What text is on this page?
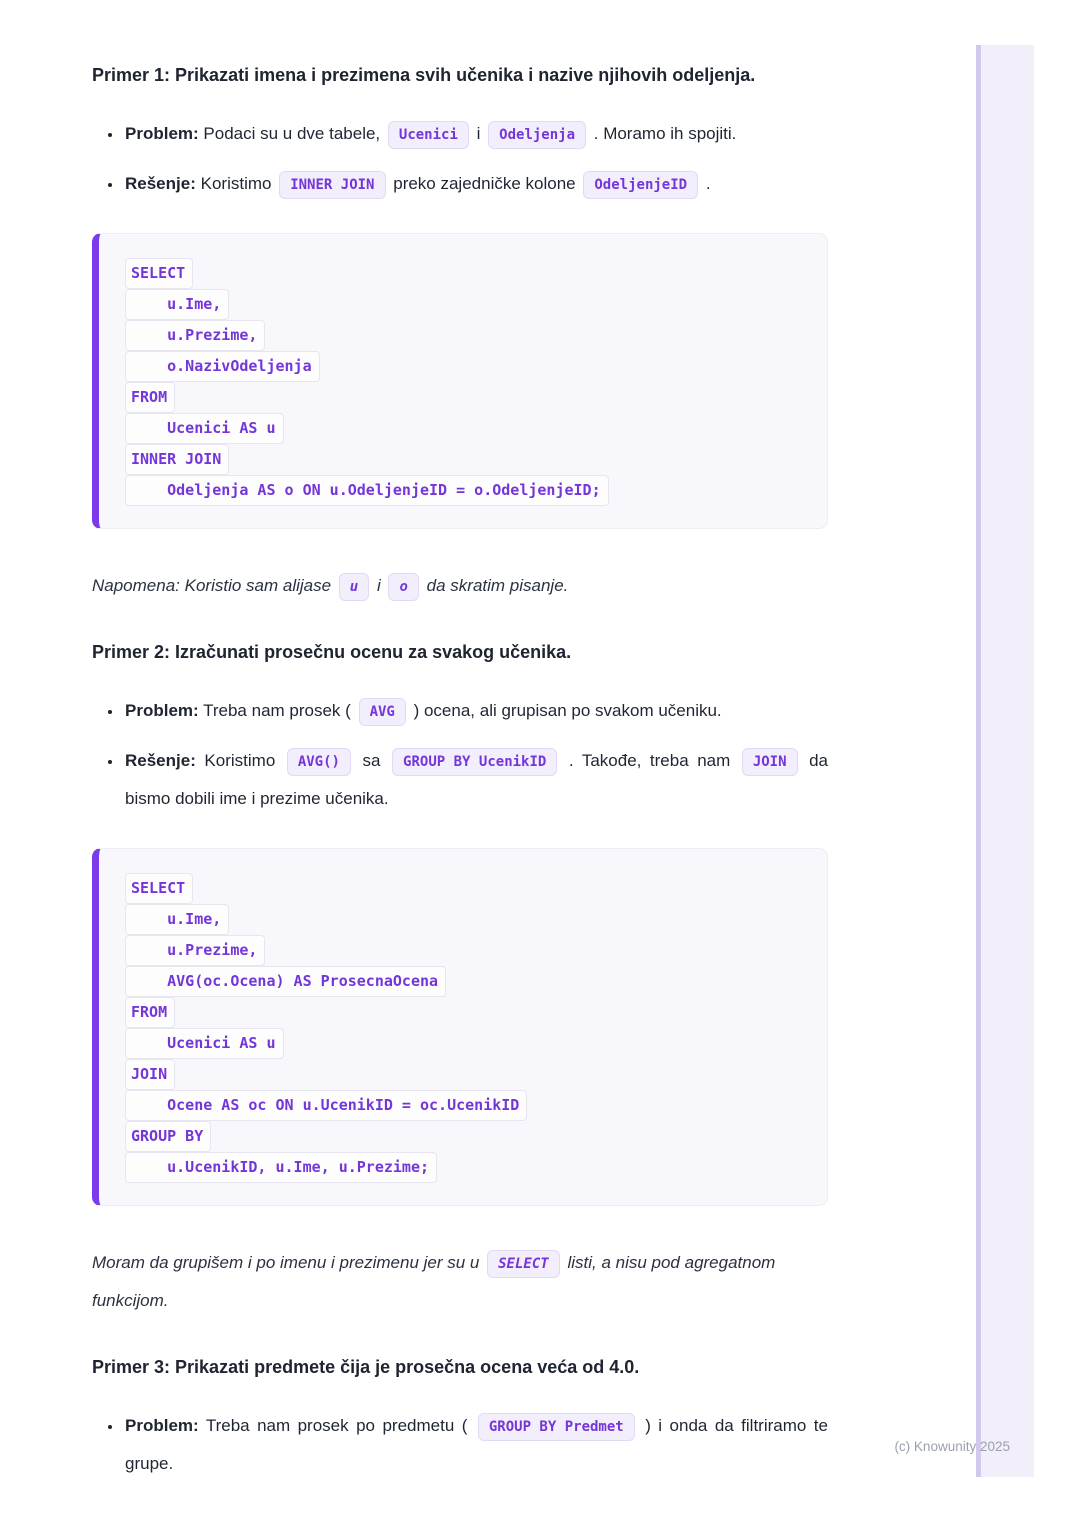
Primer 1: Prikazati imena i prezimena svih učenika i nazive njihovih odeljenja.
• Problem: Podaci su u dve tabele, Ucenici i Odeljenja . Moramo ih spojiti.
• Rešenje: Koristimo INNER JOIN preko zajedničke kolone OdeljenjeID .
SELECT
u.Ime,
u.Prezime,
o.NazivOdeljenja
FROM
Ucenici AS u
INNER JOIN
Odeljenja AS o ON u.OdeljenjeID = o.OdeljenjeID;

Napomena: Koristio sam alijase u i o da skratim pisanje.

Primer 2: Izračunati prosečnu ocenu za svakog učenika.
• Problem: Treba nam prosek ( AVG ) ocena, ali grupisan po svakom učeniku.
• Rešenje: Koristimo AVG() sa GROUP BY UcenikID . Takođe, treba nam JOIN da bismo dobili ime i prezime učenika.
SELECT
u.Ime,
u.Prezime,
AVG(oc.Ocena) AS ProsecnaOcena
FROM
Ucenici AS u
JOIN
Ocene AS oc ON u.UcenikID = oc.UcenikID
GROUP BY
u.UcenikID, u.Ime, u.Prezime;

Moram da grupišem i po imenu i prezimenu jer su u SELECT listi, a nisu pod agregatnom funkcijom.

Primer 3: Prikazati predmete čija je prosečna ocena veća od 4.0.
• Problem: Treba nam prosek po predmetu ( GROUP BY Predmet ) i onda da filtriramo te grupe.
(c) Knowunity 2025
